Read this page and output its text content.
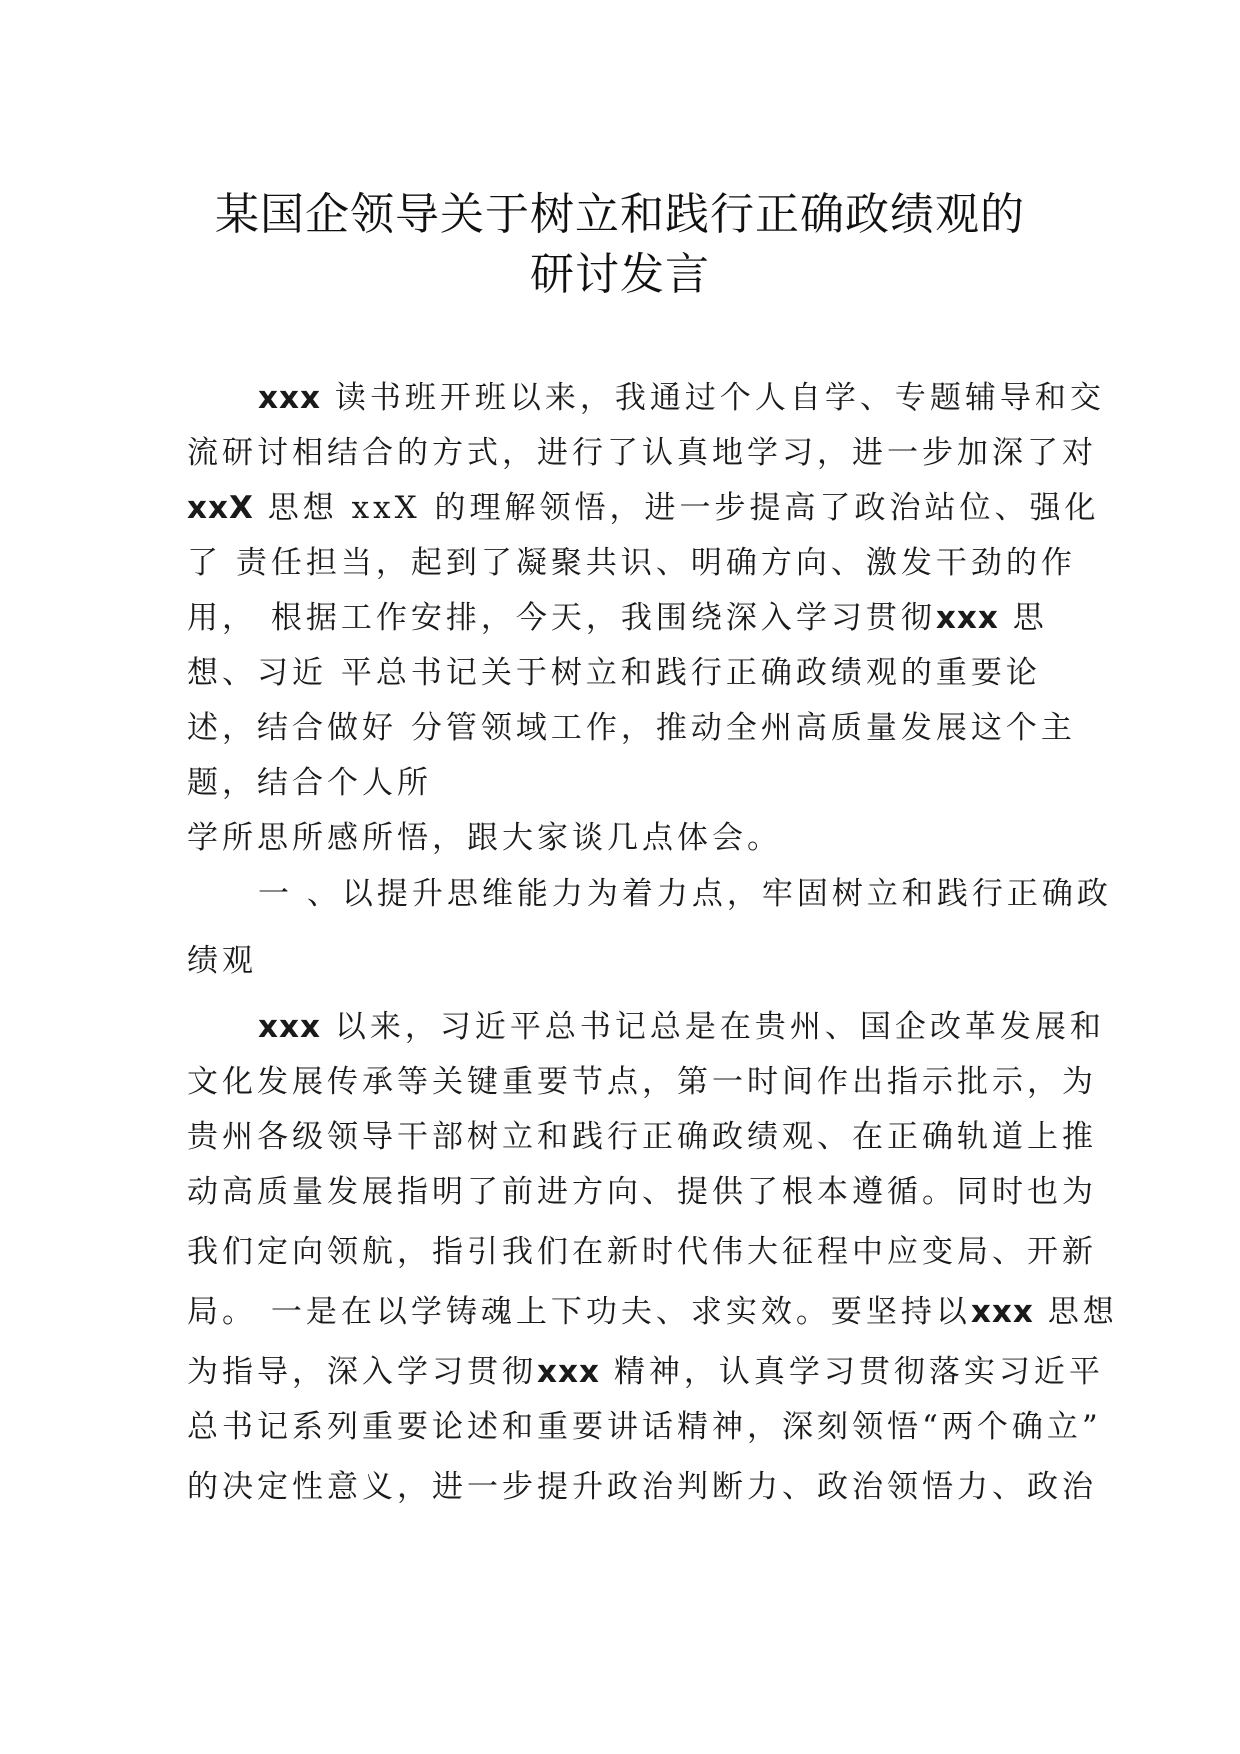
某国企领导关于树立和践行正确政绩观的
研讨发言
xxx 读书班开班以来，我通过个人自学、专题辅导和交
流研讨相结合的方式，进行了认真地学习，进一步加深了对
xxX 思想 xxX 的理解领悟，进一步提高了政治站位、强化
了 责任担当，起到了凝聚共识、明确方向、激发干劲的作
用， 根据工作安排，今天，我围绕深入学习贯彻xxx 思
想、习近 平总书记关于树立和践行正确政绩观的重要论
述，结合做好 分管领域工作，推动全州高质量发展这个主
题，结合个人所
学所思所感所悟，跟大家谈几点体会。
一 、以提升思维能力为着力点，牢固树立和践行正确政
绩观
xxx 以来，习近平总书记总是在贵州、国企改革发展和
文化发展传承等关键重要节点，第一时间作出指示批示，为
贵州各级领导干部树立和践行正确政绩观、在正确轨道上推
动高质量发展指明了前进方向、提供了根本遵循。同时也为
我们定向领航，指引我们在新时代伟大征程中应变局、开新
局。 一是在以学铸魂上下功夫、求实效。要坚持以xxx 思想
为指导，深入学习贯彻xxx 精神，认真学习贯彻落实习近平
总书记系列重要论述和重要讲话精神，深刻领悟“两个确立”
的决定性意义，进一步提升政治判断力、政治领悟力、政治
